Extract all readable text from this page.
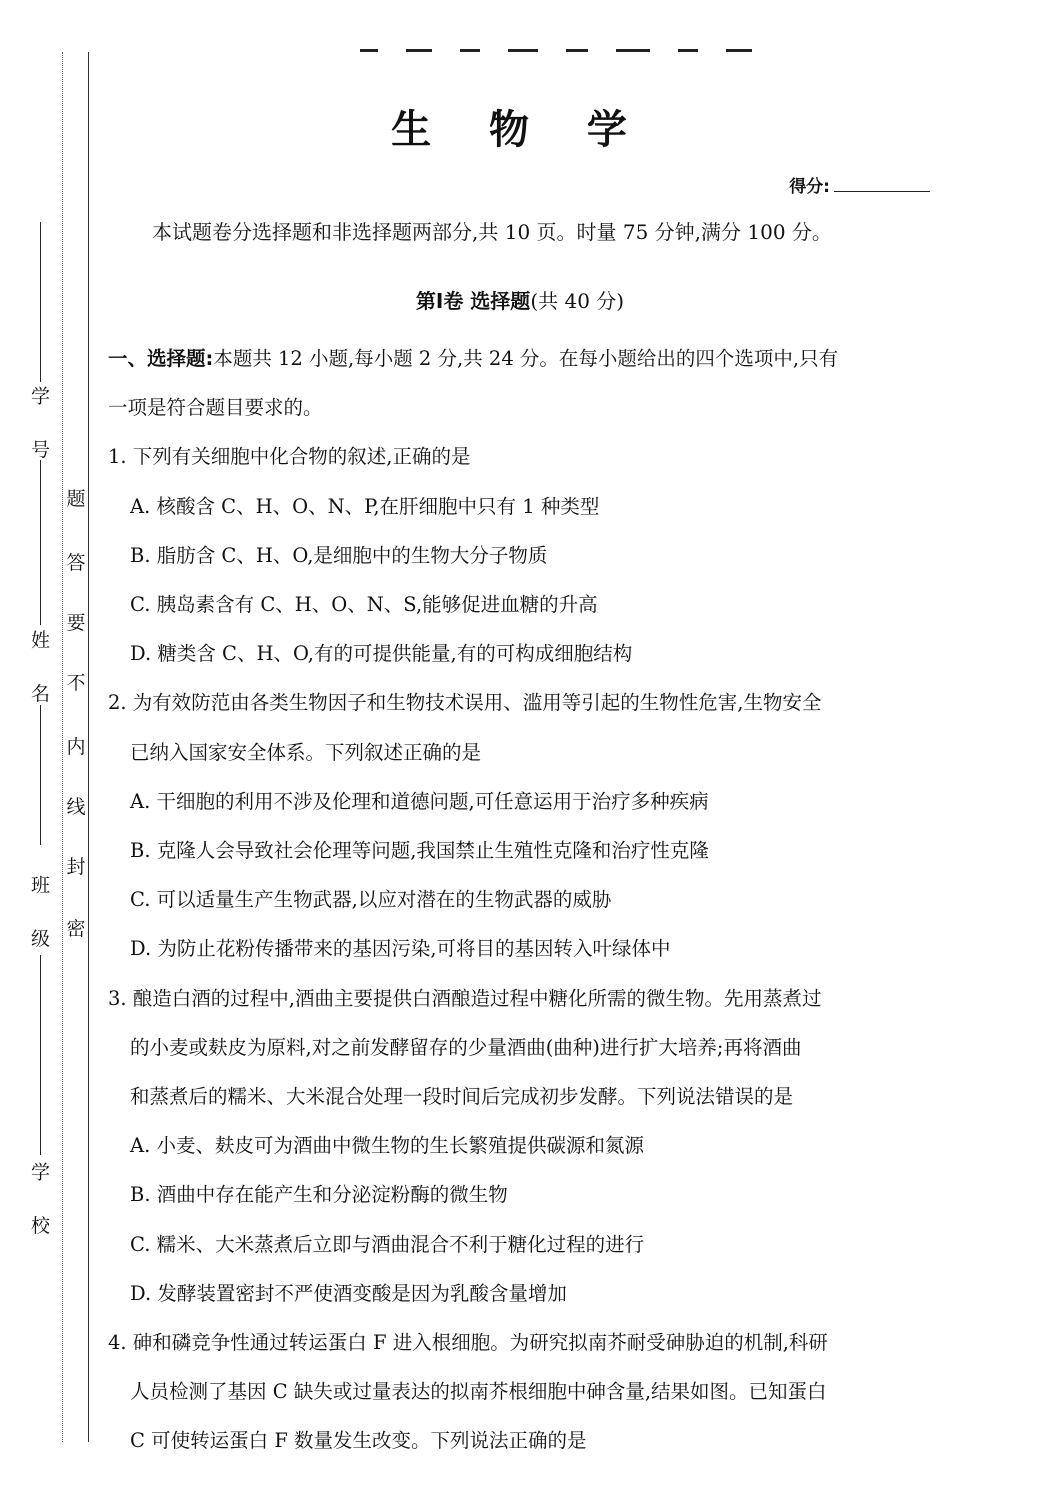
学 号
姓 名
班 级
学 校
题
答
要
不
内
线
封
密
生 物 学
得分:

本试题卷分选择题和非选择题两部分,共 10 页。时量 75 分钟,满分 100 分。

第Ⅰ卷 选择题(共 40 分)

一、选择题:本题共 12 小题,每小题 2 分,共 24 分。在每小题给出的四个选项中,只有

一项是符合题目要求的。

1. 下列有关细胞中化合物的叙述,正确的是

A. 核酸含 C、H、O、N、P,在肝细胞中只有 1 种类型

B. 脂肪含 C、H、O,是细胞中的生物大分子物质

C. 胰岛素含有 C、H、O、N、S,能够促进血糖的升高

D. 糖类含 C、H、O,有的可提供能量,有的可构成细胞结构

2. 为有效防范由各类生物因子和生物技术误用、滥用等引起的生物性危害,生物安全

已纳入国家安全体系。下列叙述正确的是

A. 干细胞的利用不涉及伦理和道德问题,可任意运用于治疗多种疾病

B. 克隆人会导致社会伦理等问题,我国禁止生殖性克隆和治疗性克隆

C. 可以适量生产生物武器,以应对潜在的生物武器的威胁

D. 为防止花粉传播带来的基因污染,可将目的基因转入叶绿体中

3. 酿造白酒的过程中,酒曲主要提供白酒酿造过程中糖化所需的微生物。先用蒸煮过

的小麦或麸皮为原料,对之前发酵留存的少量酒曲(曲种)进行扩大培养;再将酒曲

和蒸煮后的糯米、大米混合处理一段时间后完成初步发酵。下列说法错误的是

A. 小麦、麸皮可为酒曲中微生物的生长繁殖提供碳源和氮源

B. 酒曲中存在能产生和分泌淀粉酶的微生物

C. 糯米、大米蒸煮后立即与酒曲混合不利于糖化过程的进行

D. 发酵装置密封不严使酒变酸是因为乳酸含量增加

4. 砷和磷竞争性通过转运蛋白 F 进入根细胞。为研究拟南芥耐受砷胁迫的机制,科研

人员检测了基因 C 缺失或过量表达的拟南芥根细胞中砷含量,结果如图。已知蛋白

C 可使转运蛋白 F 数量发生改变。下列说法正确的是
